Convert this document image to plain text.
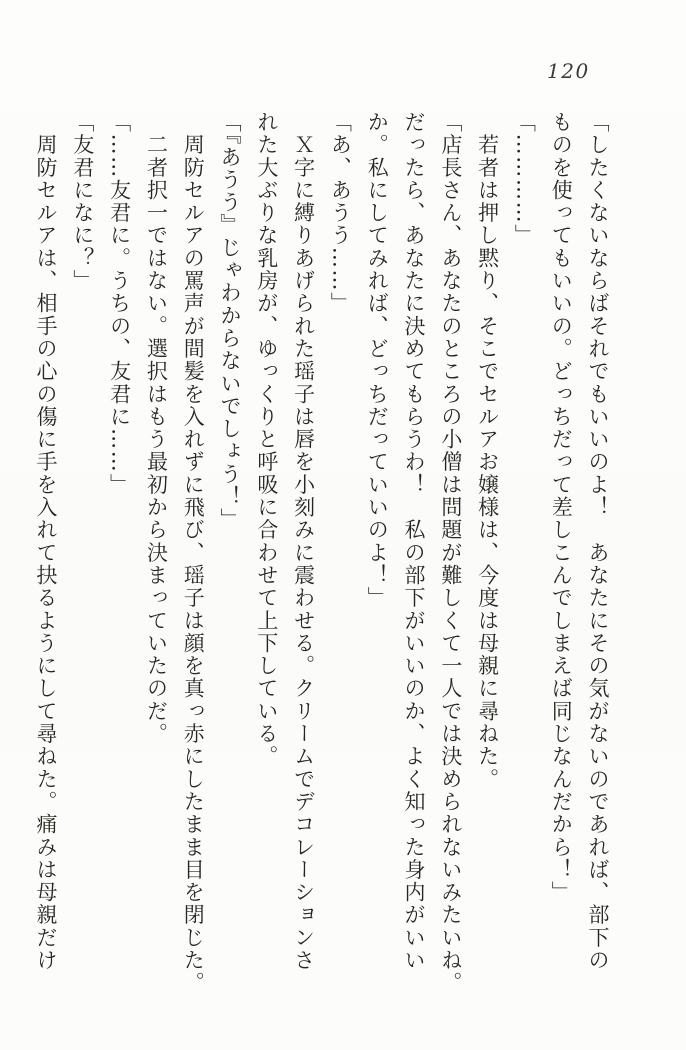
120
「したくないならばそれでもいいのよ！　あなたにその気がないのであれば、部下の
ものを使ってもいいの。どっちだって差しこんでしまえば同じなんだから！」
「…………」
　若者は押し黙り、そこでセルアお嬢様は、今度は母親に尋ねた。
「店長さん、あなたのところの小僧は問題が難しくて一人では決められないみたいね。
だったら、あなたに決めてもらうわ！　私の部下がいいのか、よく知った身内がいい
か。私にしてみれば、どっちだっていいのよ！」
「あ、あうう……」
　Ｘ字に縛りあげられた瑶子は唇を小刻みに震わせる。クリームでデコレーションさ
れた大ぶりな乳房が、ゆっくりと呼吸に合わせて上下している。
「『あうう』じゃわからないでしょう！」
　周防セルアの罵声が間髪を入れずに飛び、瑶子は顔を真っ赤にしたまま目を閉じた。
　二者択一ではない。選択はもう最初から決まっていたのだ。
「……友君に。うちの、友君に……」
「友君になに？」
　周防セルアは、相手の心の傷に手を入れて抉るようにして尋ねた。痛みは母親だけ
